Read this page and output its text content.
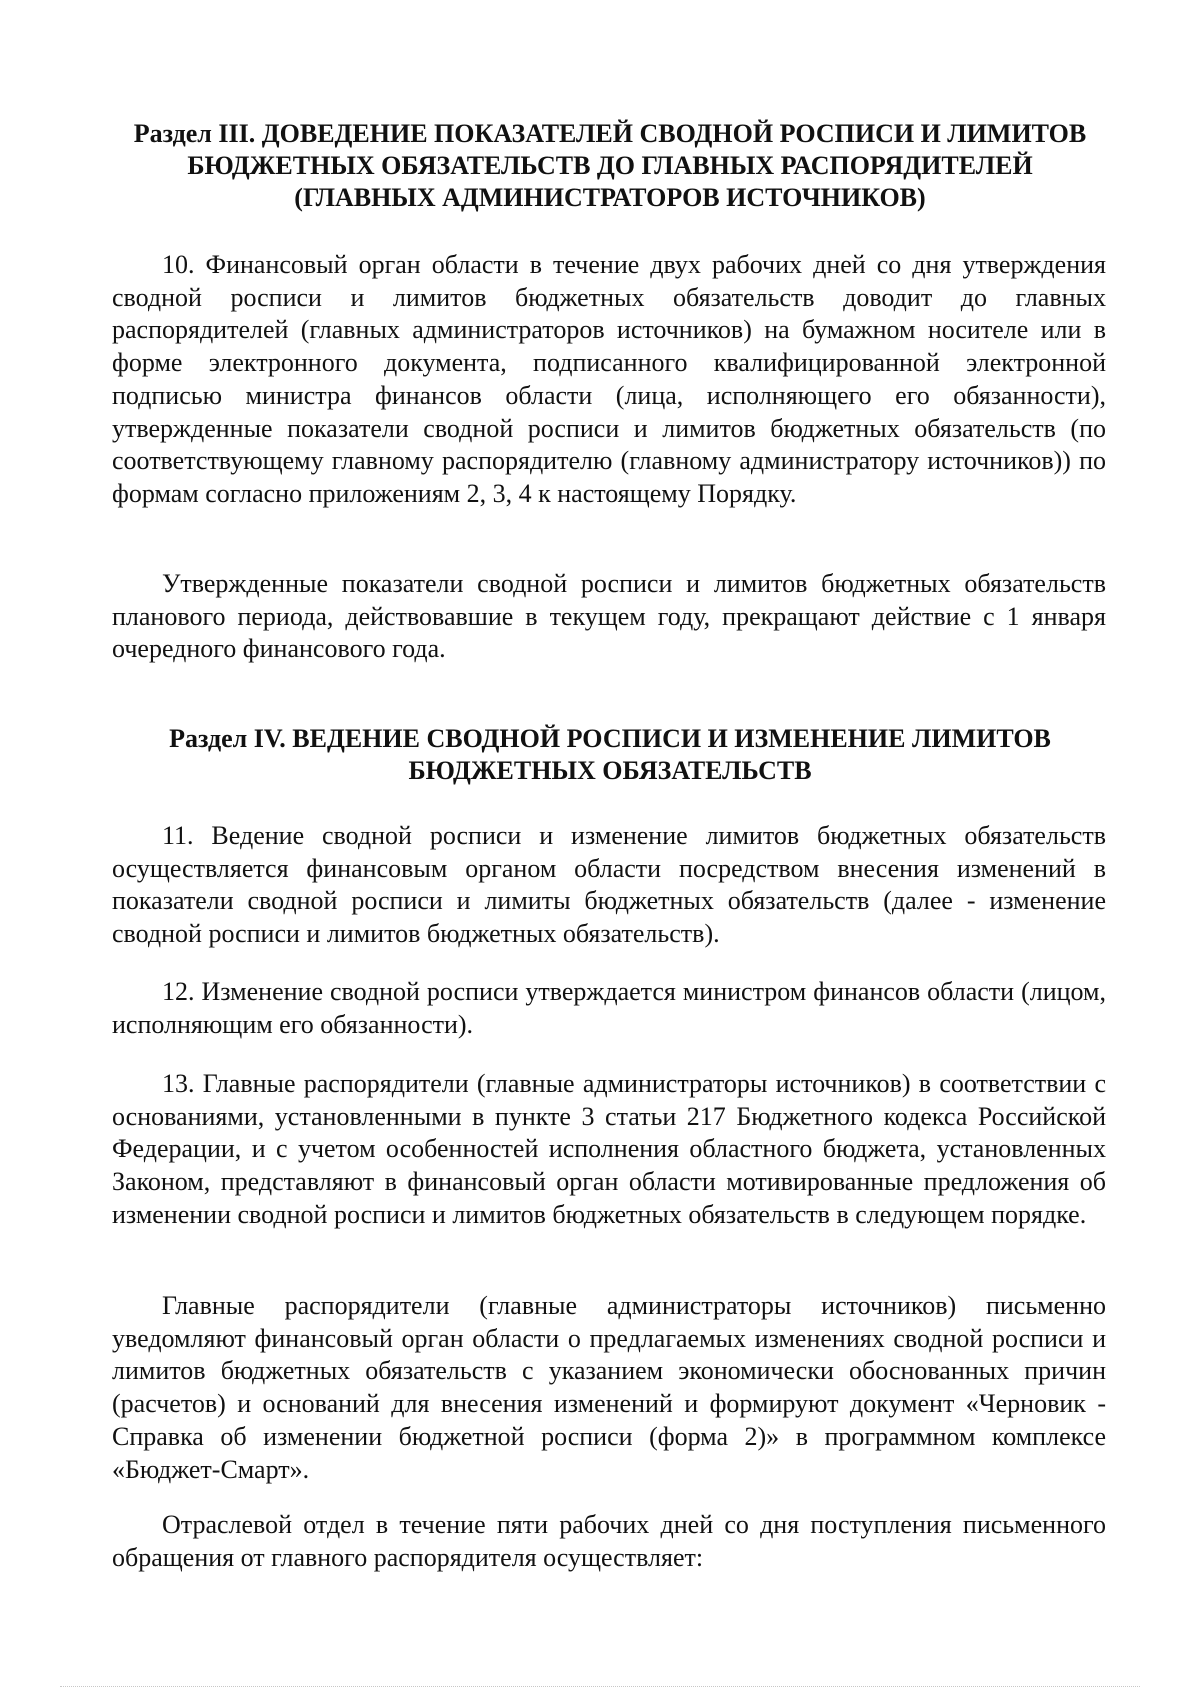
Раздел III. ДОВЕДЕНИЕ ПОКАЗАТЕЛЕЙ СВОДНОЙ РОСПИСИ И ЛИМИТОВ БЮДЖЕТНЫХ ОБЯЗАТЕЛЬСТВ ДО ГЛАВНЫХ РАСПОРЯДИТЕЛЕЙ (ГЛАВНЫХ АДМИНИСТРАТОРОВ ИСТОЧНИКОВ)

10. Финансовый орган области в течение двух рабочих дней со дня утверждения сводной росписи и лимитов бюджетных обязательств доводит до главных распорядителей (главных администраторов источников) на бумажном носителе или в форме электронного документа, подписанного квалифицированной электронной подписью министра финансов области (лица, исполняющего его обязанности), утвержденные показатели сводной росписи и лимитов бюджетных обязательств (по соответствующему главному распорядителю (главному администратору источников)) по формам согласно приложениям 2, 3, 4 к настоящему Порядку.

Утвержденные показатели сводной росписи и лимитов бюджетных обязательств планового периода, действовавшие в текущем году, прекращают действие с 1 января очередного финансового года.

Раздел IV. ВЕДЕНИЕ СВОДНОЙ РОСПИСИ И ИЗМЕНЕНИЕ ЛИМИТОВ БЮДЖЕТНЫХ ОБЯЗАТЕЛЬСТВ

11. Ведение сводной росписи и изменение лимитов бюджетных обязательств осуществляется финансовым органом области посредством внесения изменений в показатели сводной росписи и лимиты бюджетных обязательств (далее - изменение сводной росписи и лимитов бюджетных обязательств).

12. Изменение сводной росписи утверждается министром финансов области (лицом, исполняющим его обязанности).

13. Главные распорядители (главные администраторы источников) в соответствии с основаниями, установленными в пункте 3 статьи 217 Бюджетного кодекса Российской Федерации, и с учетом особенностей исполнения областного бюджета, установленных Законом, представляют в финансовый орган области мотивированные предложения об изменении сводной росписи и лимитов бюджетных обязательств в следующем порядке.

Главные распорядители (главные администраторы источников) письменно уведомляют финансовый орган области о предлагаемых изменениях сводной росписи и лимитов бюджетных обязательств с указанием экономически обоснованных причин (расчетов) и оснований для внесения изменений и формируют документ «Черновик - Справка об изменении бюджетной росписи (форма 2)» в программном комплексе «Бюджет-Смарт».

Отраслевой отдел в течение пяти рабочих дней со дня поступления письменного обращения от главного распорядителя осуществляет:
